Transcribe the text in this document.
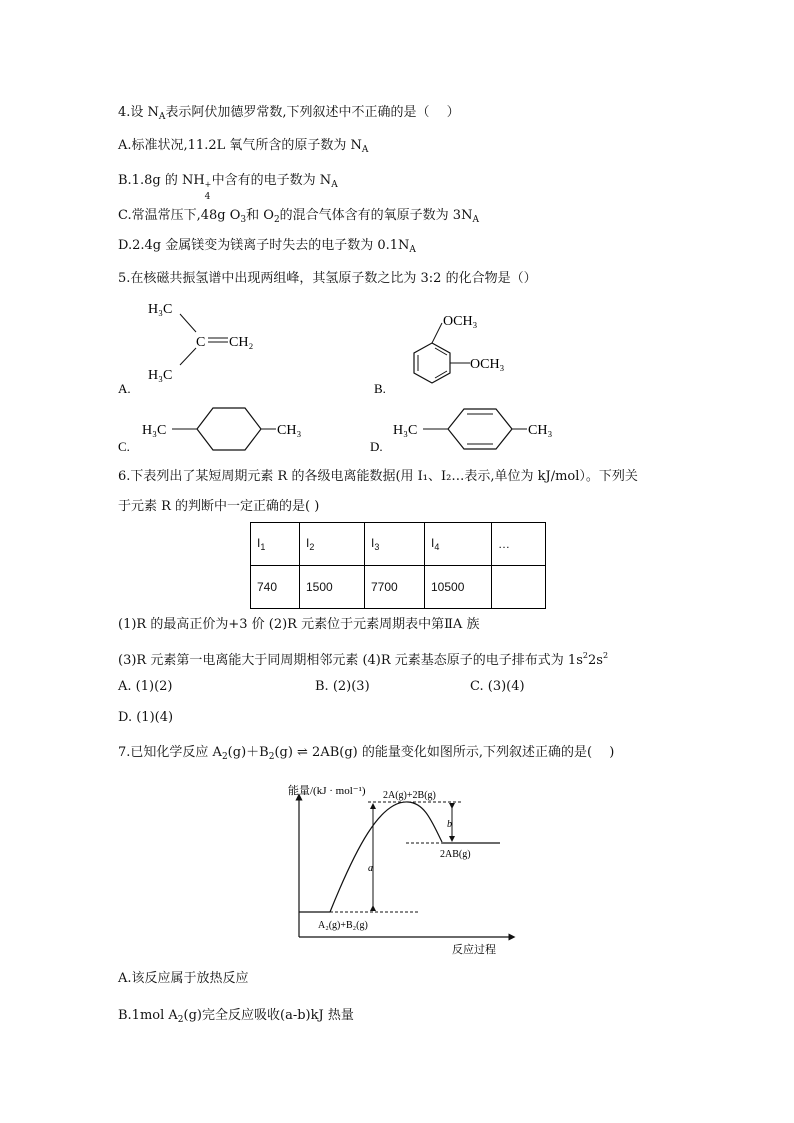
4.设 $N_A$表示阿伏加德罗常数,下列叙述中不正确的是（　 ）
A.标准状况,11.2L 氧气所含的原子数为 $N_A$
B.1.8g 的 NH +
4
中含有的电子数为 $N_A$
C.常温常压下,48g $O_3$和 $O_2$的混合气体含有的氧原子数为 $3N_A$
D.2.4g 金属镁变为镁离子时失去的电子数为 $0.1N_A$
5.在核磁共振氢谱中出现两组峰，其氢原子数之比为 3:2 的化合物是（）
H₃C
C CH₂
H₃C
A.
OCH₃
OCH₃
B.
H₃C	CH₃
C.
H₃C	CH₃
D.
6.下表列出了某短周期元素 R 的各级电离能数据(用 I₁、I₂…表示,单位为 kJ/mol）。下列关
于元素 R 的判断中一定正确的是( )
$I_1$	$I_2$	$I_3$	$I_4$	…
740	1500	7700	10500	
(1)R 的最高正价为+3 价 (2)R 元素位于元素周期表中第ⅡA 族
(3)R 元素第一电离能大于同周期相邻元素 (4)R 元素基态原子的电子排布式为 $1s^22s^2$
A. (1)(2)	B. (2)(3)	C. (3)(4)
D. (1)(4)
7.已知化学反应 $A_2(g)+B_2(g)$ ⇌ 2AB(g) 的能量变化如图所示,下列叙述正确的是(　 )
能量/(kJ · mol⁻¹)
反应过程
A₂(g)+B₂(g)
2A(g)+2B(g)
2AB(g)
a
b
A.该反应属于放热反应
B.1mol $A_2(g)$完全反应吸收(a-b)kJ 热量
